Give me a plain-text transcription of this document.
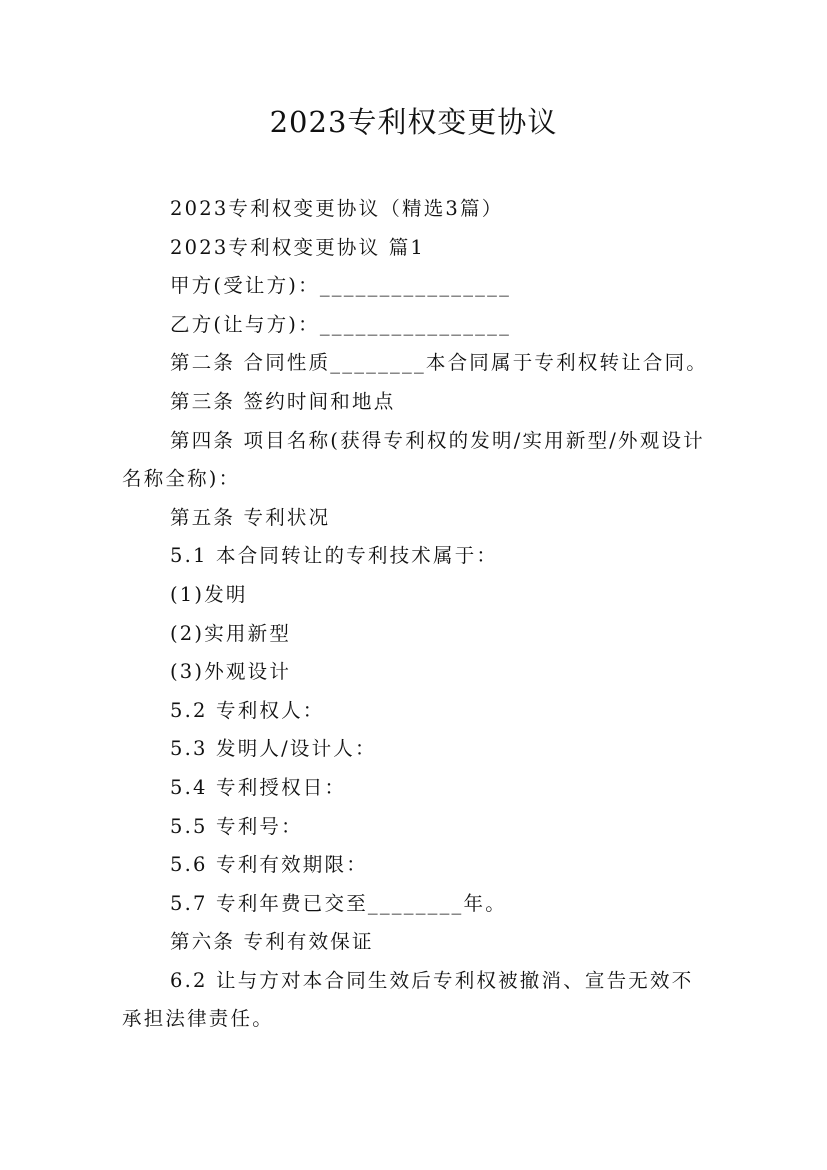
2023专利权变更协议

2023专利权变更协议（精选3篇）

2023专利权变更协议 篇1

甲方(受让方)：________________

乙方(让与方)：________________

第二条 合同性质________本合同属于专利权转让合同。

第三条 签约时间和地点

第四条 项目名称(获得专利权的发明/实用新型/外观设计名称全称)：

第五条 专利状况

5.1 本合同转让的专利技术属于：

(1)发明

(2)实用新型

(3)外观设计

5.2 专利权人：

5.3 发明人/设计人：

5.4 专利授权日：

5.5 专利号：

5.6 专利有效期限：

5.7 专利年费已交至________年。

第六条 专利有效保证

6.2 让与方对本合同生效后专利权被撤消、宣告无效不承担法律责任。
